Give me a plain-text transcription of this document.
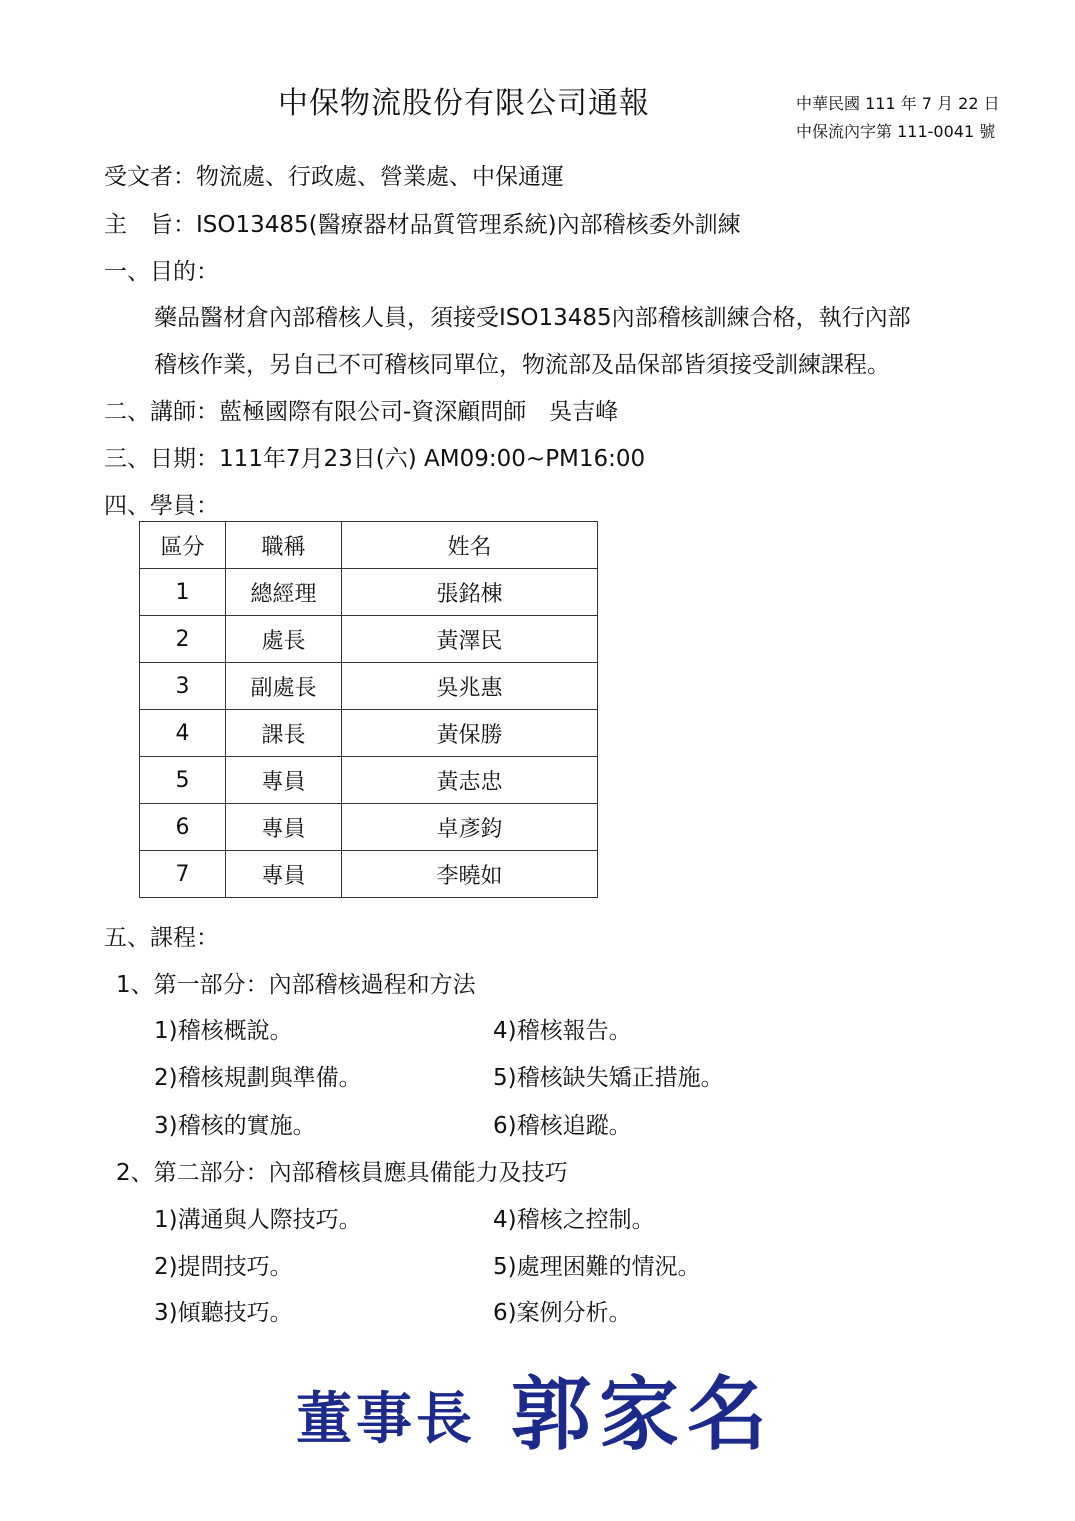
中保物流股份有限公司通報	中華民國 111 年 7 月 22 日
中保流內字第 111-0041 號
受文者：物流處、行政處、營業處、中保通運
主　旨：ISO13485(醫療器材品質管理系統)內部稽核委外訓練
一、目的：
藥品醫材倉內部稽核人員，須接受ISO13485內部稽核訓練合格，執行內部
稽核作業，另自己不可稽核同單位，物流部及品保部皆須接受訓練課程。
二、講師：藍極國際有限公司-資深顧問師　吳吉峰
三、日期：111年7月23日(六) AM09:00~PM16:00
四、學員：
區分	職稱	姓名
1	總經理	張銘棟
2	處長	黃澤民
3	副處長	吳兆惠
4	課長	黃保勝
5	專員	黃志忠
6	專員	卓彥鈞
7	專員	李曉如
五、課程：
1、第一部分：內部稽核過程和方法
1)稽核概說。	4)稽核報告。
2)稽核規劃與準備。	5)稽核缺失矯正措施。
3)稽核的實施。	6)稽核追蹤。
2、第二部分：內部稽核員應具備能力及技巧
1)溝通與人際技巧。	4)稽核之控制。
2)提問技巧。	5)處理困難的情況。
3)傾聽技巧。	6)案例分析。
董事長 郭家名
